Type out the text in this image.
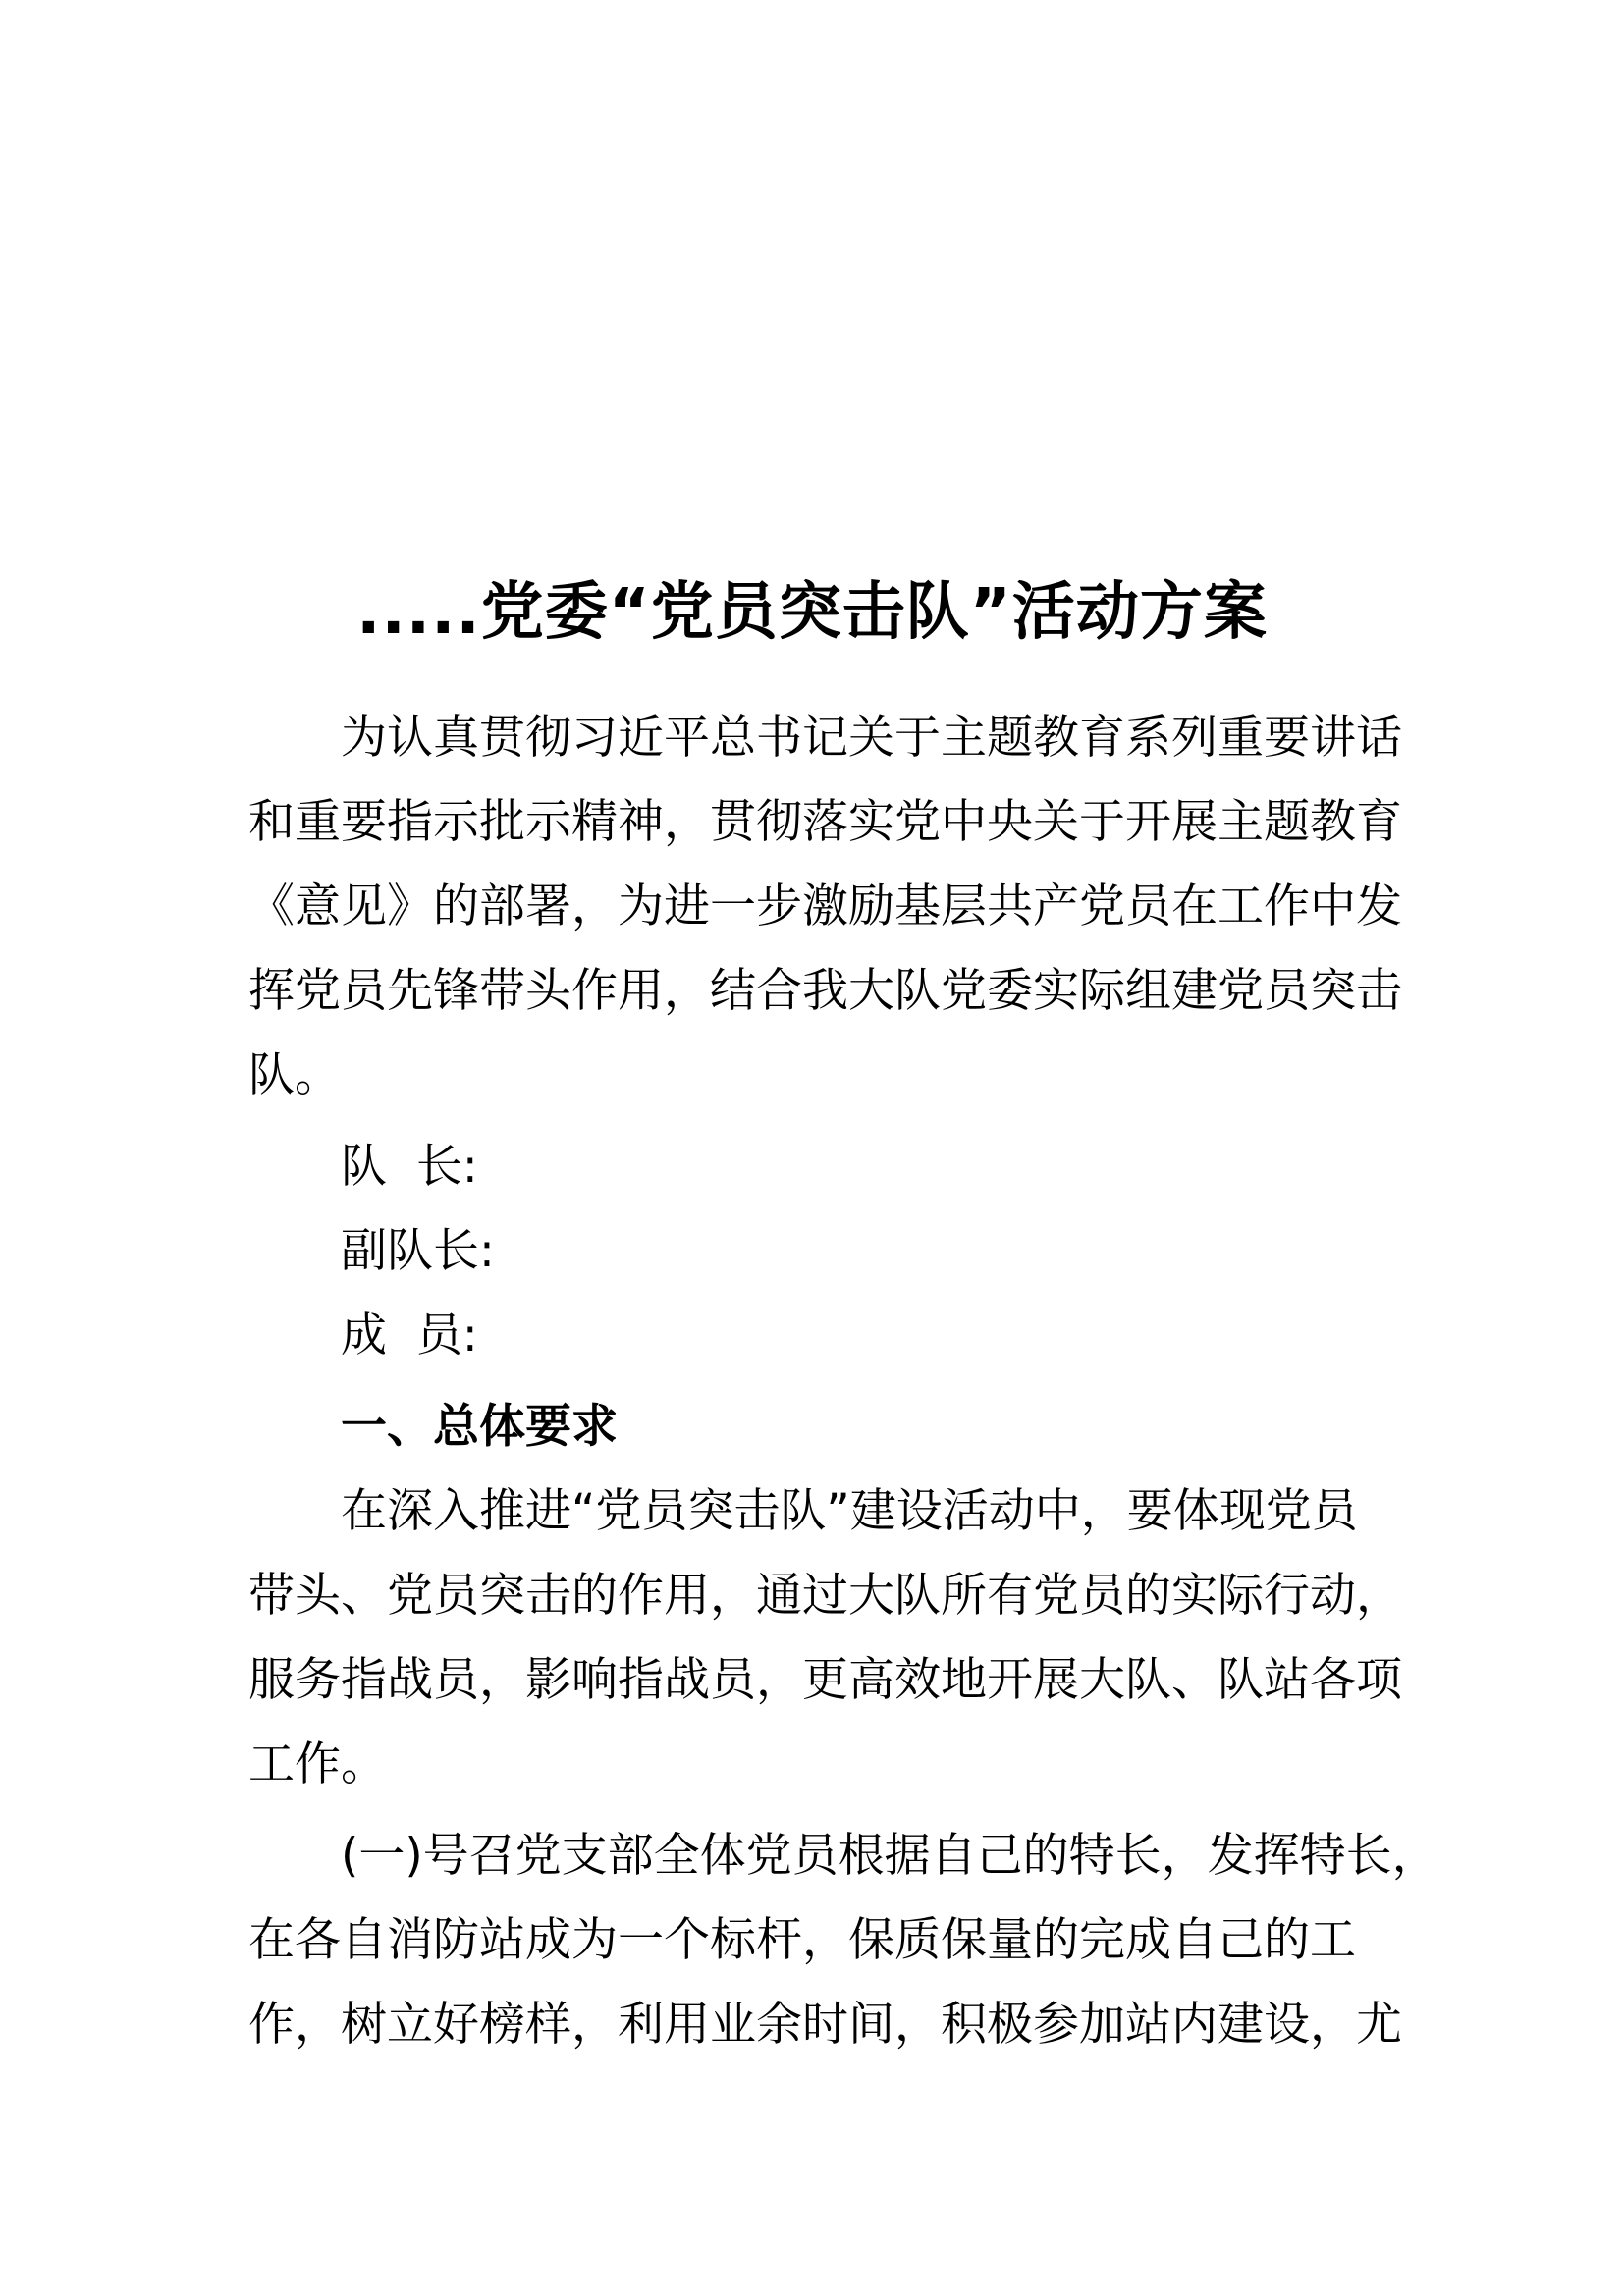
.....党委“党员突击队”活动方案
为认真贯彻习近平总书记关于主题教育系列重要讲话
和重要指示批示精神，贯彻落实党中央关于开展主题教育
《意见》的部署，为进一步激励基层共产党员在工作中发
挥党员先锋带头作用，结合我大队党委实际组建党员突击
队。
队  长:
副队长:
成  员:
一、总体要求
在深入推进“党员突击队”建设活动中，要体现党员
带头、党员突击的作用，通过大队所有党员的实际行动，
服务指战员，影响指战员，更高效地开展大队、队站各项
工作。
(一)号召党支部全体党员根据自己的特长，发挥特长，
在各自消防站成为一个标杆，保质保量的完成自己的工
作，树立好榜样，利用业余时间，积极参加站内建设，尤
